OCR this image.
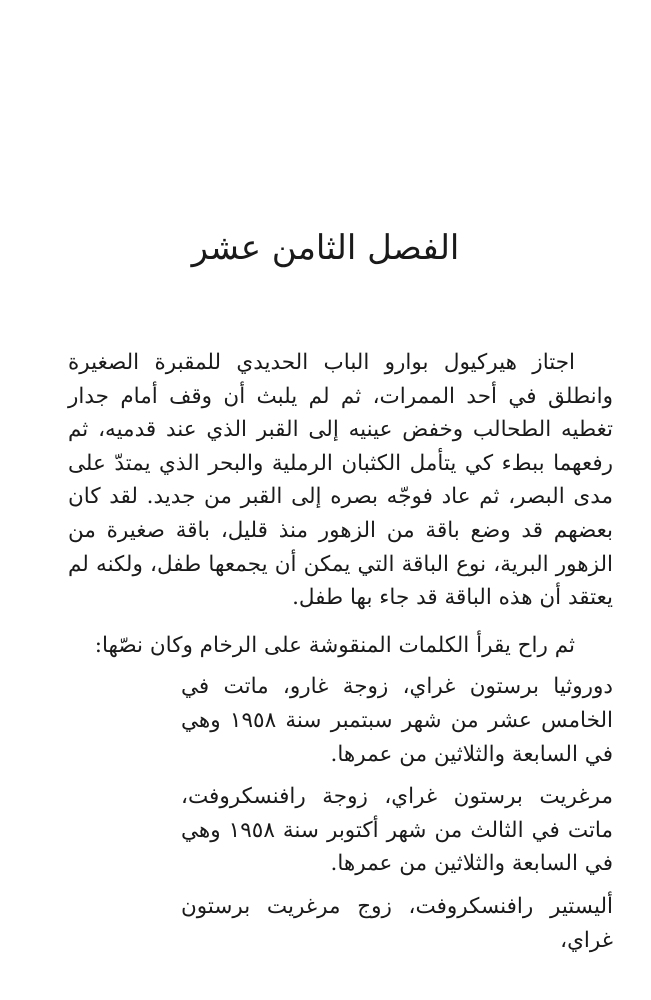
الفصل الثامن عشر

اجتاز هيركيول بوارو الباب الحديدي للمقبرة الصغيرة وانطلق في أحد الممرات، ثم لم يلبث أن وقف أمام جدار تغطيه الطحالب وخفض عينيه إلى القبر الذي عند قدميه، ثم رفعهما ببطء كي يتأمل الكثبان الرملية والبحر الذي يمتدّ على مدى البصر، ثم عاد فوجّه بصره إلى القبر من جديد. لقد كان بعضهم قد وضع باقة من الزهور منذ قليل، باقة صغيرة من الزهور البرية، نوع الباقة التي يمكن أن يجمعها طفل، ولكنه لم يعتقد أن هذه الباقة قد جاء بها طفل.

ثم راح يقرأ الكلمات المنقوشة على الرخام وكان نصّها:

دوروثيا برستون غراي، زوجة غارو، ماتت في الخامس عشر من شهر سبتمبر سنة ١٩٥٨ وهي في السابعة والثلاثين من عمرها.

مرغريت برستون غراي، زوجة رافنسكروفت، ماتت في الثالث من شهر أكتوبر سنة ١٩٥٨ وهي في السابعة والثلاثين من عمرها.

أليستير رافنسكروفت، زوج مرغريت برستون غراي،
